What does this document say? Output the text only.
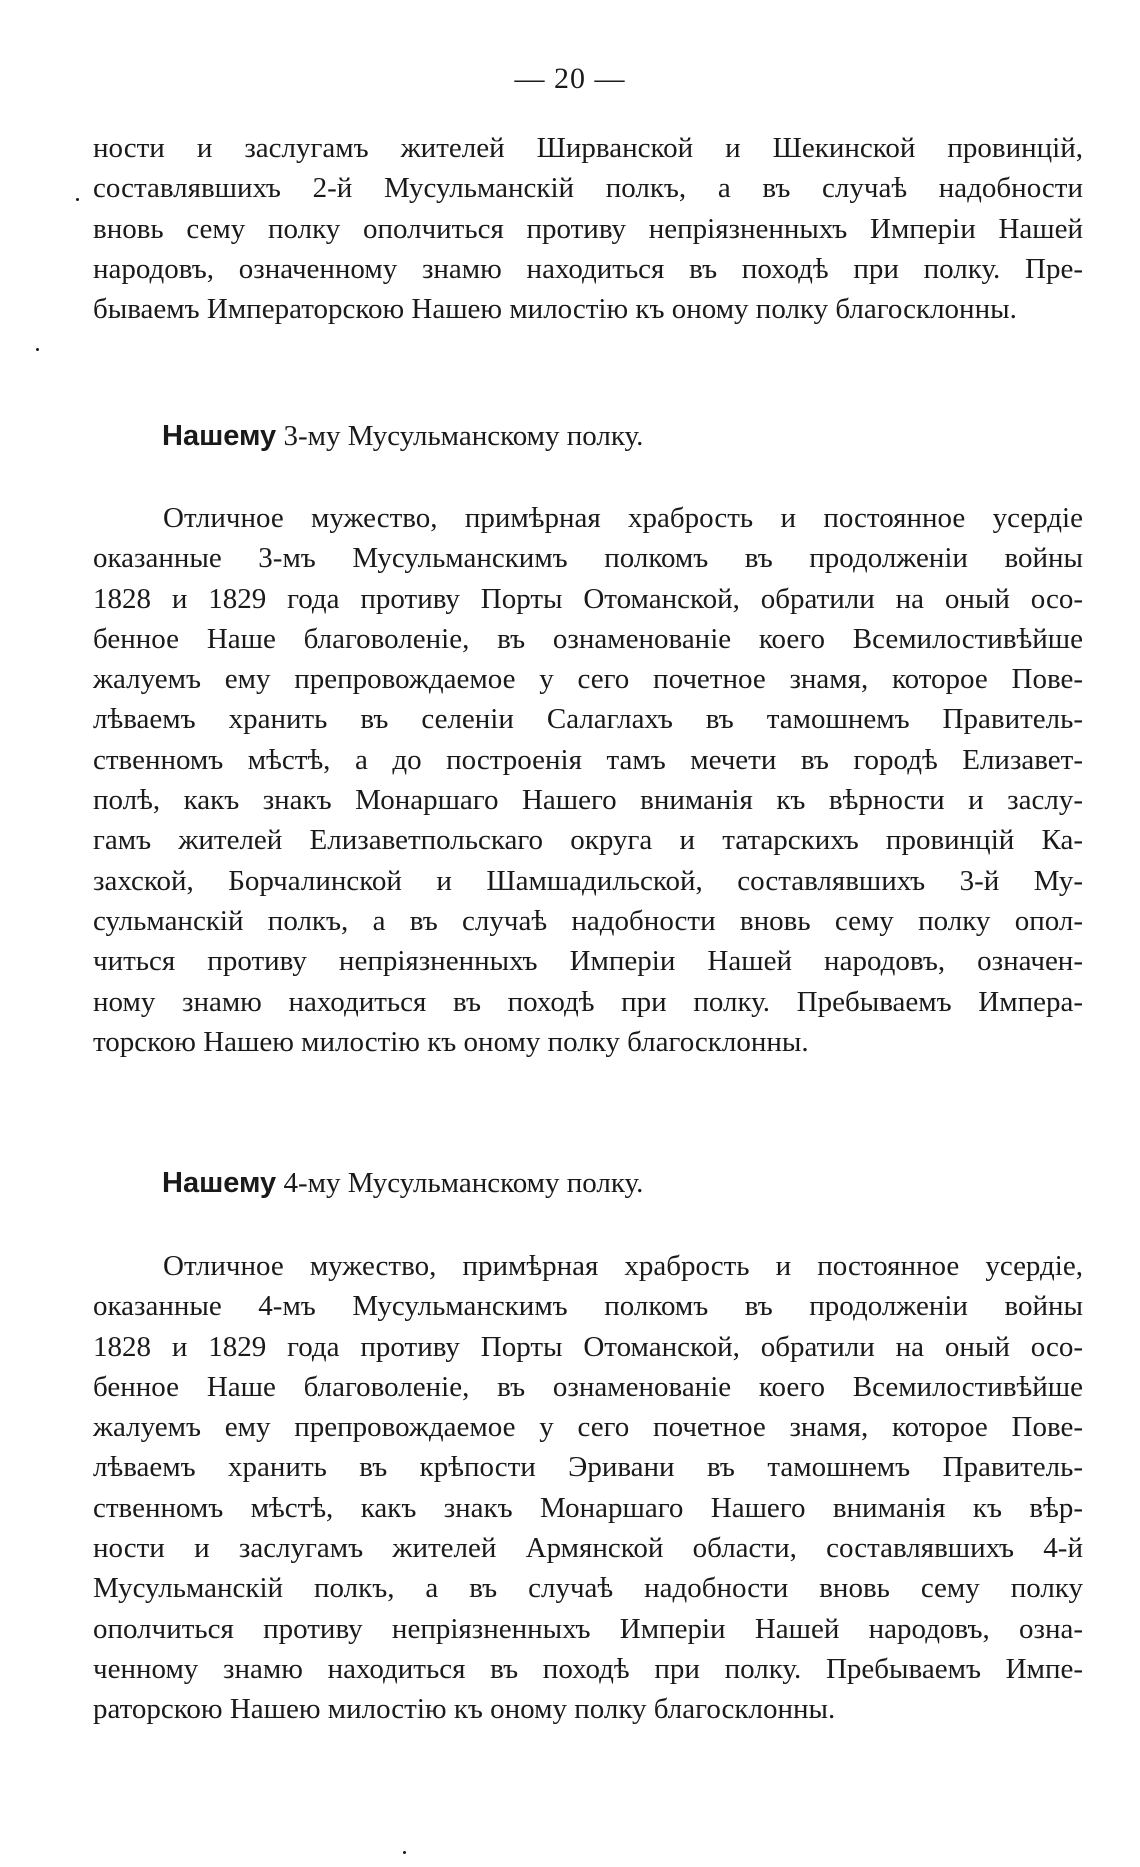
— 20 —
ности и заслугамъ жителей Ширванской и Шекинской провинцій,
составлявшихъ 2-й Мусульманскій полкъ, а въ случаѣ надобности
вновь сему полку ополчиться противу непріязненныхъ Имперіи Нашей
народовъ, означенному знамю находиться въ походѣ при полку. Пре-
бываемъ Императорскою Нашею милостію къ оному полку благосклонны.
Нашему 3-му Мусульманскому полку.
Отличное мужество, примѣрная храбрость и постоянное усердіе
оказанные 3-мъ Мусульманскимъ полкомъ въ продолженіи войны
1828 и 1829 года противу Порты Отоманской, обратили на оный осо-
бенное Наше благоволеніе, въ ознаменованіе коего Всемилостивѣйше
жалуемъ ему препровождаемое у сего почетное знамя, которое Пове-
лѣваемъ хранить въ селеніи Салаглахъ въ тамошнемъ Правитель-
ственномъ мѣстѣ, а до построенія тамъ мечети въ городѣ Елизавет-
полѣ, какъ знакъ Монаршаго Нашего вниманія къ вѣрности и заслу-
гамъ жителей Елизаветпольскаго округа и татарскихъ провинцій Ка-
захской, Борчалинской и Шамшадильской, составлявшихъ 3-й Му-
сульманскій полкъ, а въ случаѣ надобности вновь сему полку опол-
читься противу непріязненныхъ Имперіи Нашей народовъ, означен-
ному знамю находиться въ походѣ при полку. Пребываемъ Импера-
торскою Нашею милостію къ оному полку благосклонны.
Нашему 4-му Мусульманскому полку.
Отличное мужество, примѣрная храбрость и постоянное усердіе,
оказанные 4-мъ Мусульманскимъ полкомъ въ продолженіи войны
1828 и 1829 года противу Порты Отоманской, обратили на оный осо-
бенное Наше благоволеніе, въ ознаменованіе коего Всемилостивѣйше
жалуемъ ему препровождаемое у сего почетное знамя, которое Пове-
лѣваемъ хранить въ крѣпости Эривани въ тамошнемъ Правитель-
ственномъ мѣстѣ, какъ знакъ Монаршаго Нашего вниманія къ вѣр-
ности и заслугамъ жителей Армянской области, составлявшихъ 4-й
Мусульманскій полкъ, а въ случаѣ надобности вновь сему полку
ополчиться противу непріязненныхъ Имперіи Нашей народовъ, озна-
ченному знамю находиться въ походѣ при полку. Пребываемъ Импе-
раторскою Нашею милостію къ оному полку благосклонны.
